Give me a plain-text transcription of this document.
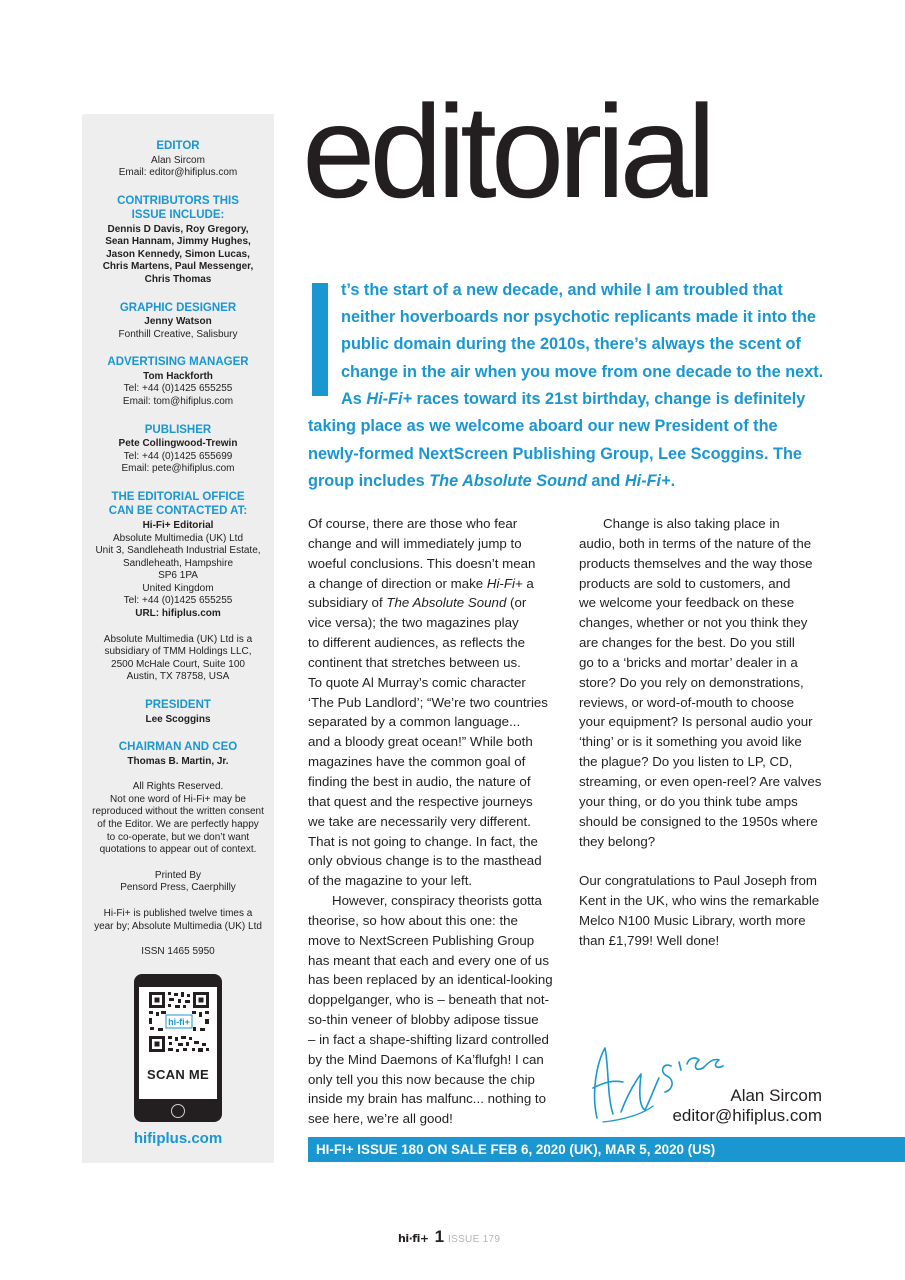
EDITOR
Alan Sircom
Email: editor@hifiplus.com
CONTRIBUTORS THIS
ISSUE INCLUDE:
Dennis D Davis, Roy Gregory,
Sean Hannam, Jimmy Hughes,
Jason Kennedy, Simon Lucas,
Chris Martens, Paul Messenger,
Chris Thomas
GRAPHIC DESIGNER
Jenny Watson
Fonthill Creative, Salisbury
ADVERTISING MANAGER
Tom Hackforth
Tel: +44 (0)1425 655255
Email: tom@hifiplus.com
PUBLISHER
Pete Collingwood-Trewin
Tel: +44 (0)1425 655699
Email: pete@hifiplus.com
THE EDITORIAL OFFICE
CAN BE CONTACTED AT:
Hi-Fi+ Editorial
Absolute Multimedia (UK) Ltd
Unit 3, Sandleheath Industrial Estate,
Sandleheath, Hampshire
SP6 1PA
United Kingdom
Tel: +44 (0)1425 655255
URL: hifiplus.com
Absolute Multimedia (UK) Ltd is a
subsidiary of TMM Holdings LLC,
2500 McHale Court, Suite 100
Austin, TX 78758, USA
PRESIDENT
Lee Scoggins
CHAIRMAN AND CEO
Thomas B. Martin, Jr.
All Rights Reserved.
Not one word of Hi-Fi+ may be
reproduced without the written consent
of the Editor. We are perfectly happy
to co-operate, but we don’t want
quotations to appear out of context.
Printed By
Pensord Press, Caerphilly
Hi-Fi+ is published twelve times a
year by; Absolute Multimedia (UK) Ltd
ISSN 1465 5950
hi-fi+
SCAN ME
hifiplus.com
editorial
t’s the start of a new decade, and while I am troubled that
neither hoverboards nor psychotic replicants made it into the
public domain during the 2010s, there’s always the scent of
change in the air when you move from one decade to the next.
As Hi-Fi+ races toward its 21st birthday, change is definitely
taking place as we welcome aboard our new President of the
newly-formed NextScreen Publishing Group, Lee Scoggins. The
group includes The Absolute Sound and Hi-Fi+.
Of course, there are those who fear
change and will immediately jump to
woeful conclusions. This doesn’t mean
a change of direction or make Hi-Fi+ a
subsidiary of The Absolute Sound (or
vice versa); the two magazines play
to different audiences, as reflects the
continent that stretches between us.
To quote Al Murray’s comic character
‘The Pub Landlord’; “We’re two countries
separated by a common language...
and a bloody great ocean!” While both
magazines have the common goal of
finding the best in audio, the nature of
that quest and the respective journeys
we take are necessarily very different.
That is not going to change. In fact, the
only obvious change is to the masthead
of the magazine to your left.
However, conspiracy theorists gotta
theorise, so how about this one: the
move to NextScreen Publishing Group
has meant that each and every one of us
has been replaced by an identical-looking
doppelganger, who is – beneath that not-
so-thin veneer of blobby adipose tissue
– in fact a shape-shifting lizard controlled
by the Mind Daemons of Ka’flufgh! I can
only tell you this now because the chip
inside my brain has malfunc... nothing to
see here, we’re all good!
Change is also taking place in
audio, both in terms of the nature of the
products themselves and the way those
products are sold to customers, and
we welcome your feedback on these
changes, whether or not you think they
are changes for the best. Do you still
go to a ‘bricks and mortar’ dealer in a
store? Do you rely on demonstrations,
reviews, or word-of-mouth to choose
your equipment? Is personal audio your
‘thing’ or is it something you avoid like
the plague? Do you listen to LP, CD,
streaming, or even open-reel? Are valves
your thing, or do you think tube amps
should be consigned to the 1950s where
they belong?
Our congratulations to Paul Joseph from
Kent in the UK, who wins the remarkable
Melco N100 Music Library, worth more
than £1,799! Well done!
Alan Sircom
editor@hifiplus.com
HI-FI+ ISSUE 180 ON SALE FEB 6, 2020 (UK), MAR 5, 2020 (US)
hi·fi+ 1 ISSUE 179
